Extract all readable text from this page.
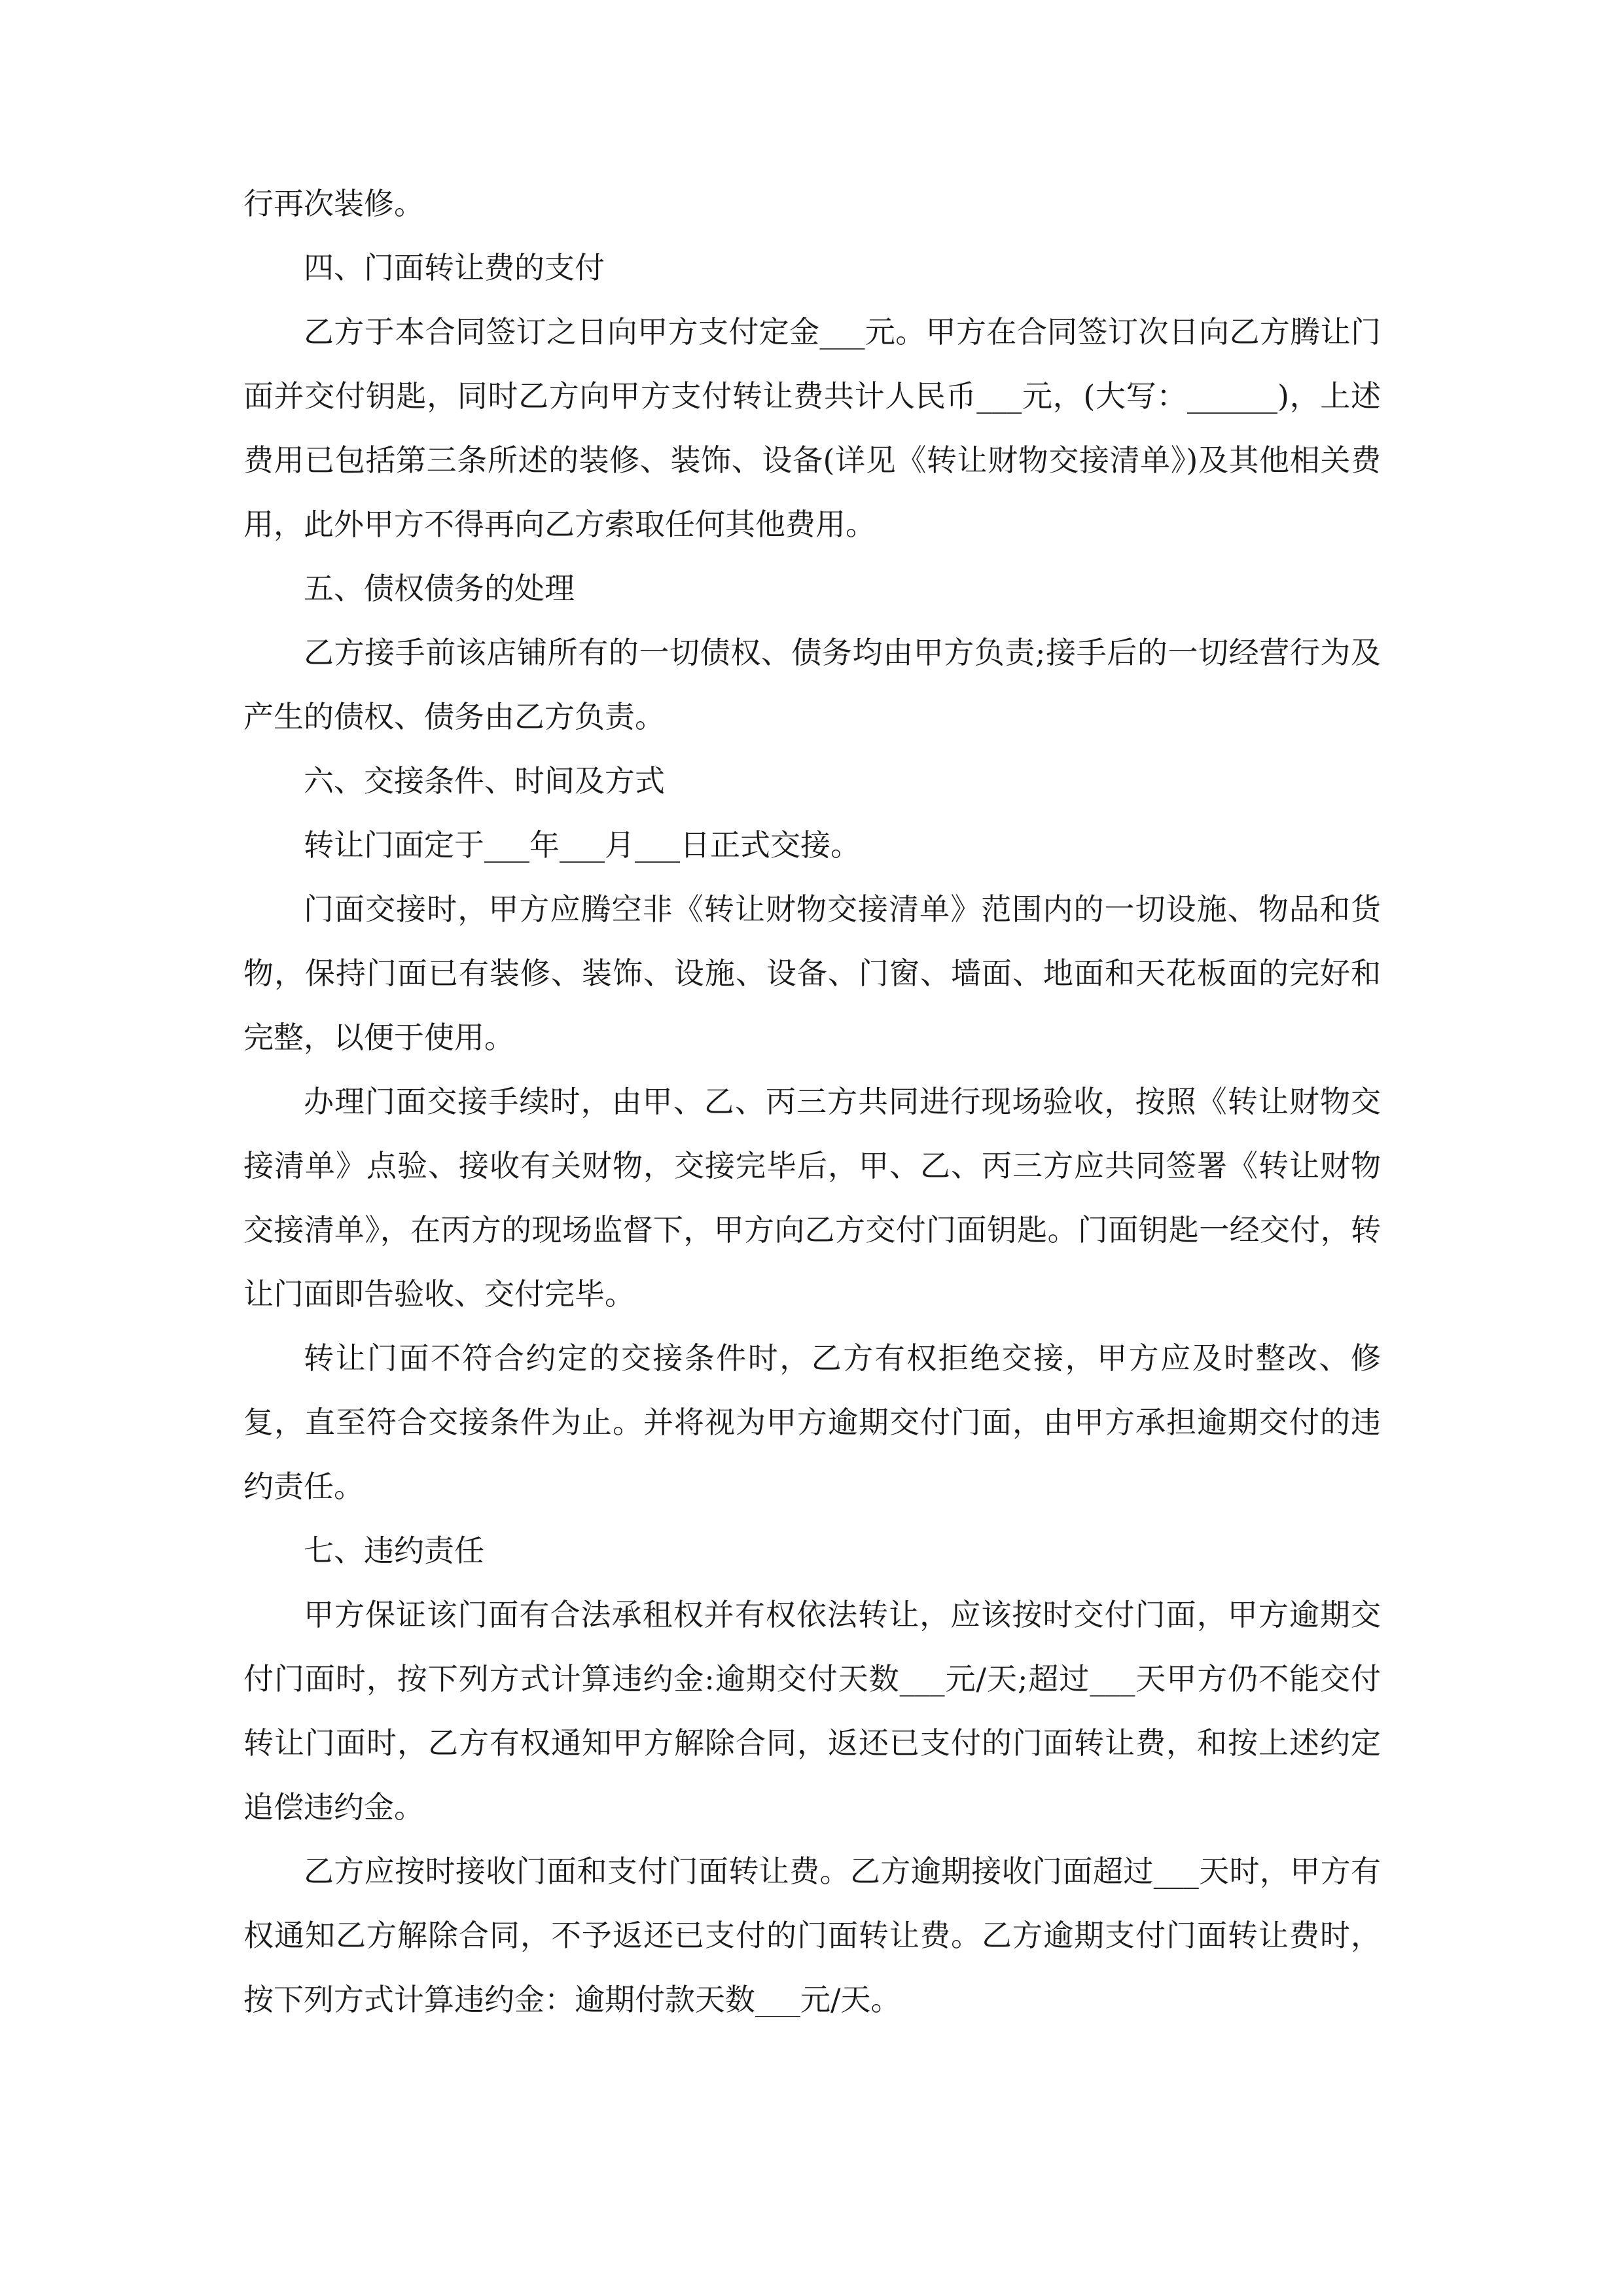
行再次装修。

四、门面转让费的支付

乙方于本合同签订之日向甲方支付定金___元。甲方在合同签订次日向乙方腾让门面并交付钥匙，同时乙方向甲方支付转让费共计人民币___元，(大写：______)，上述费用已包括第三条所述的装修、装饰、设备(详见《转让财物交接清单》)及其他相关费用，此外甲方不得再向乙方索取任何其他费用。

五、债权债务的处理

乙方接手前该店铺所有的一切债权、债务均由甲方负责;接手后的一切经营行为及产生的债权、债务由乙方负责。

六、交接条件、时间及方式

转让门面定于___年___月___日正式交接。

门面交接时，甲方应腾空非《转让财物交接清单》范围内的一切设施、物品和货物，保持门面已有装修、装饰、设施、设备、门窗、墙面、地面和天花板面的完好和完整，以便于使用。

办理门面交接手续时，由甲、乙、丙三方共同进行现场验收，按照《转让财物交接清单》点验、接收有关财物，交接完毕后，甲、乙、丙三方应共同签署《转让财物交接清单》，在丙方的现场监督下，甲方向乙方交付门面钥匙。门面钥匙一经交付，转让门面即告验收、交付完毕。

转让门面不符合约定的交接条件时，乙方有权拒绝交接，甲方应及时整改、修复，直至符合交接条件为止。并将视为甲方逾期交付门面，由甲方承担逾期交付的违约责任。

七、违约责任

甲方保证该门面有合法承租权并有权依法转让，应该按时交付门面，甲方逾期交付门面时，按下列方式计算违约金:逾期交付天数___元/天;超过___天甲方仍不能交付转让门面时，乙方有权通知甲方解除合同，返还已支付的门面转让费，和按上述约定追偿违约金。

乙方应按时接收门面和支付门面转让费。乙方逾期接收门面超过___天时，甲方有权通知乙方解除合同，不予返还已支付的门面转让费。乙方逾期支付门面转让费时，按下列方式计算违约金：逾期付款天数___元/天。
